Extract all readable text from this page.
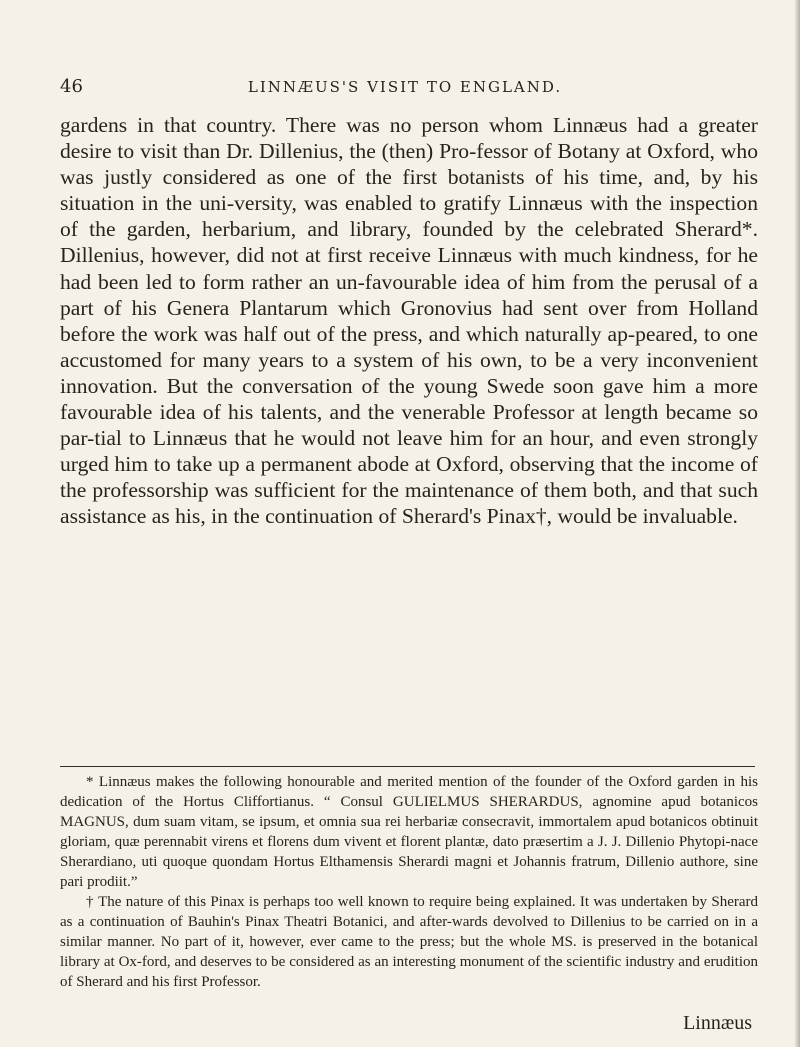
46	LINNÆUS'S VISIT TO ENGLAND.
gardens in that country. There was no person whom Linnæus had a greater desire to visit than Dr. Dillenius, the (then) Pro-fessor of Botany at Oxford, who was justly considered as one of the first botanists of his time, and, by his situation in the uni-versity, was enabled to gratify Linnæus with the inspection of the garden, herbarium, and library, founded by the celebrated Sherard*. Dillenius, however, did not at first receive Linnæus with much kindness, for he had been led to form rather an un-favourable idea of him from the perusal of a part of his Genera Plantarum which Gronovius had sent over from Holland before the work was half out of the press, and which naturally ap-peared, to one accustomed for many years to a system of his own, to be a very inconvenient innovation. But the conversation of the young Swede soon gave him a more favourable idea of his talents, and the venerable Professor at length became so par-tial to Linnæus that he would not leave him for an hour, and even strongly urged him to take up a permanent abode at Oxford, observing that the income of the professorship was sufficient for the maintenance of them both, and that such assistance as his, in the continuation of Sherard's Pinax†, would be invaluable.

* Linnæus makes the following honourable and merited mention of the founder of the Oxford garden in his dedication of the Hortus Cliffortianus. “ Consul GULIELMUS SHERARDUS, agnomine apud botanicos MAGNUS, dum suam vitam, se ipsum, et omnia sua rei herbariæ consecravit, immortalem apud botanicos obtinuit gloriam, quæ perennabit virens et florens dum vivent et florent plantæ, dato præsertim a J. J. Dillenio Phytopi-nace Sherardiano, uti quoque quondam Hortus Elthamensis Sherardi magni et Johannis fratrum, Dillenio authore, sine pari prodiit.”

† The nature of this Pinax is perhaps too well known to require being explained. It was undertaken by Sherard as a continuation of Bauhin's Pinax Theatri Botanici, and after-wards devolved to Dillenius to be carried on in a similar manner. No part of it, however, ever came to the press; but the whole MS. is preserved in the botanical library at Ox-ford, and deserves to be considered as an interesting monument of the scientific industry and erudition of Sherard and his first Professor.

Linnæus
